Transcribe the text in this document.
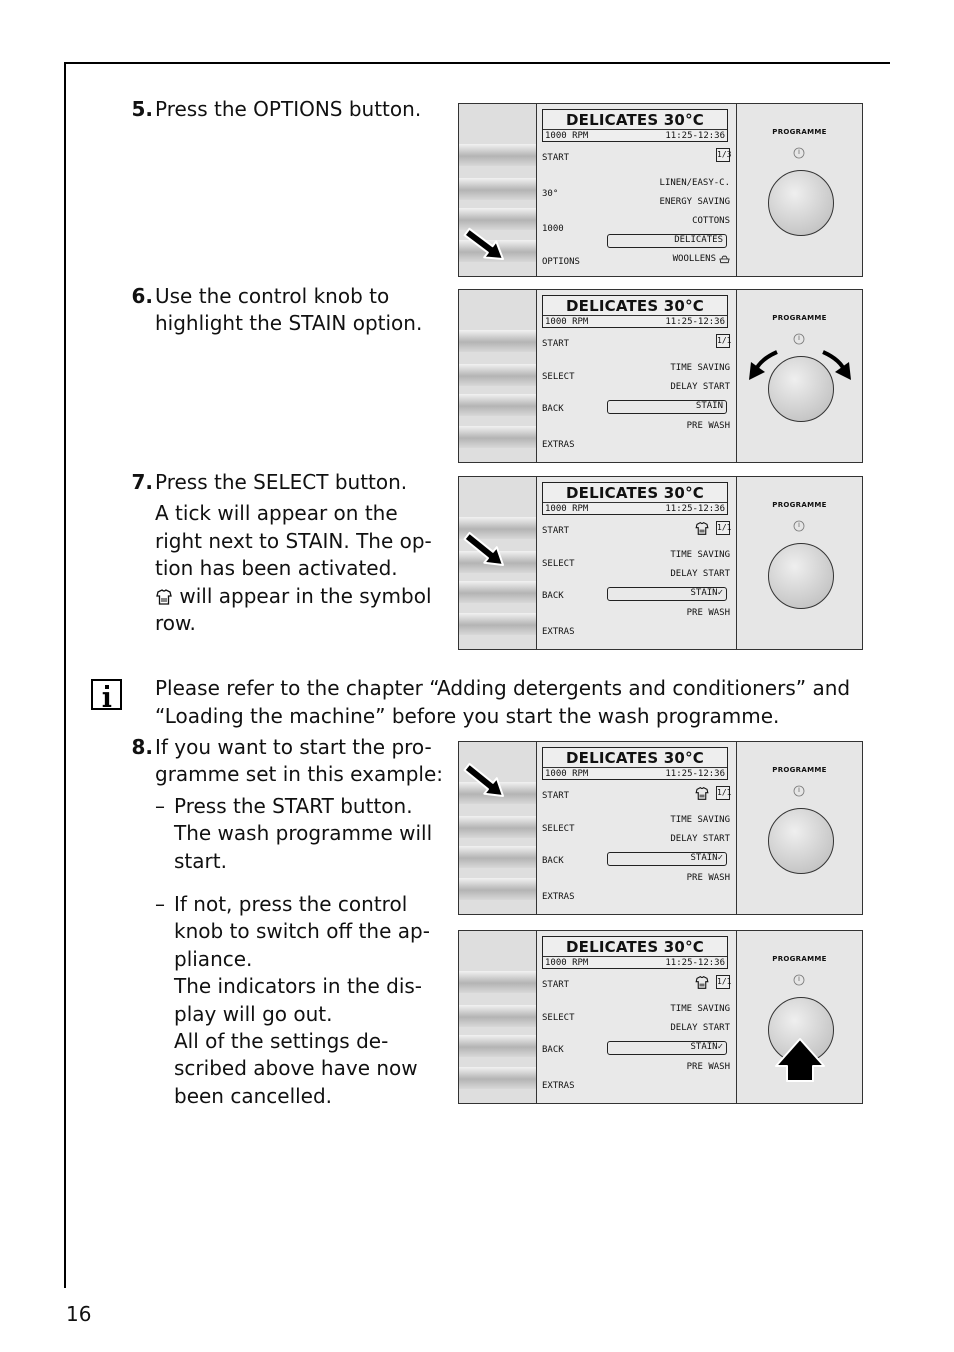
5. Press the OPTIONS button.

6. Use the control knob to

highlight the STAIN option.

7. Press the SELECT button.

A tick will appear on the

right next to STAIN. The op-

tion has been activated.

will appear in the symbol

row.

Please refer to the chapter “Adding detergents and conditioners” and
“Loading the machine” before you start the wash programme.
8. If you want to start the pro-

gramme set in this example:

– Press the START button.

The wash programme will

start.

– If not, press the control

knob to switch off the ap-

pliance.

The indicators in the dis-

play will go out.

All of the settings de-

scribed above have now

been cancelled.

DELICATES 30°C
1000 RPM	11:25-12:36
START
30°
1000
OPTIONS
LINEN/EASY-C.
ENERGY SAVING
COTTONS
DELICATES
WOOLLENS
1/3
PROGRAMME
DELICATES 30°C
1000 RPM	11:25-12:36
START
SELECT
BACK
EXTRAS
TIME SAVING
DELAY START
STAIN
PRE WASH
1/1
PROGRAMME
DELICATES 30°C
1000 RPM	11:25-12:36
START
SELECT
BACK
EXTRAS
TIME SAVING
DELAY START
STAIN✓
PRE WASH
1/1
PROGRAMME
DELICATES 30°C
1000 RPM	11:25-12:36
START
SELECT
BACK
EXTRAS
TIME SAVING
DELAY START
STAIN✓
PRE WASH
1/1
PROGRAMME
DELICATES 30°C
1000 RPM	11:25-12:36
START
SELECT
BACK
EXTRAS
TIME SAVING
DELAY START
STAIN✓
PRE WASH
1/1
PROGRAMME
16
